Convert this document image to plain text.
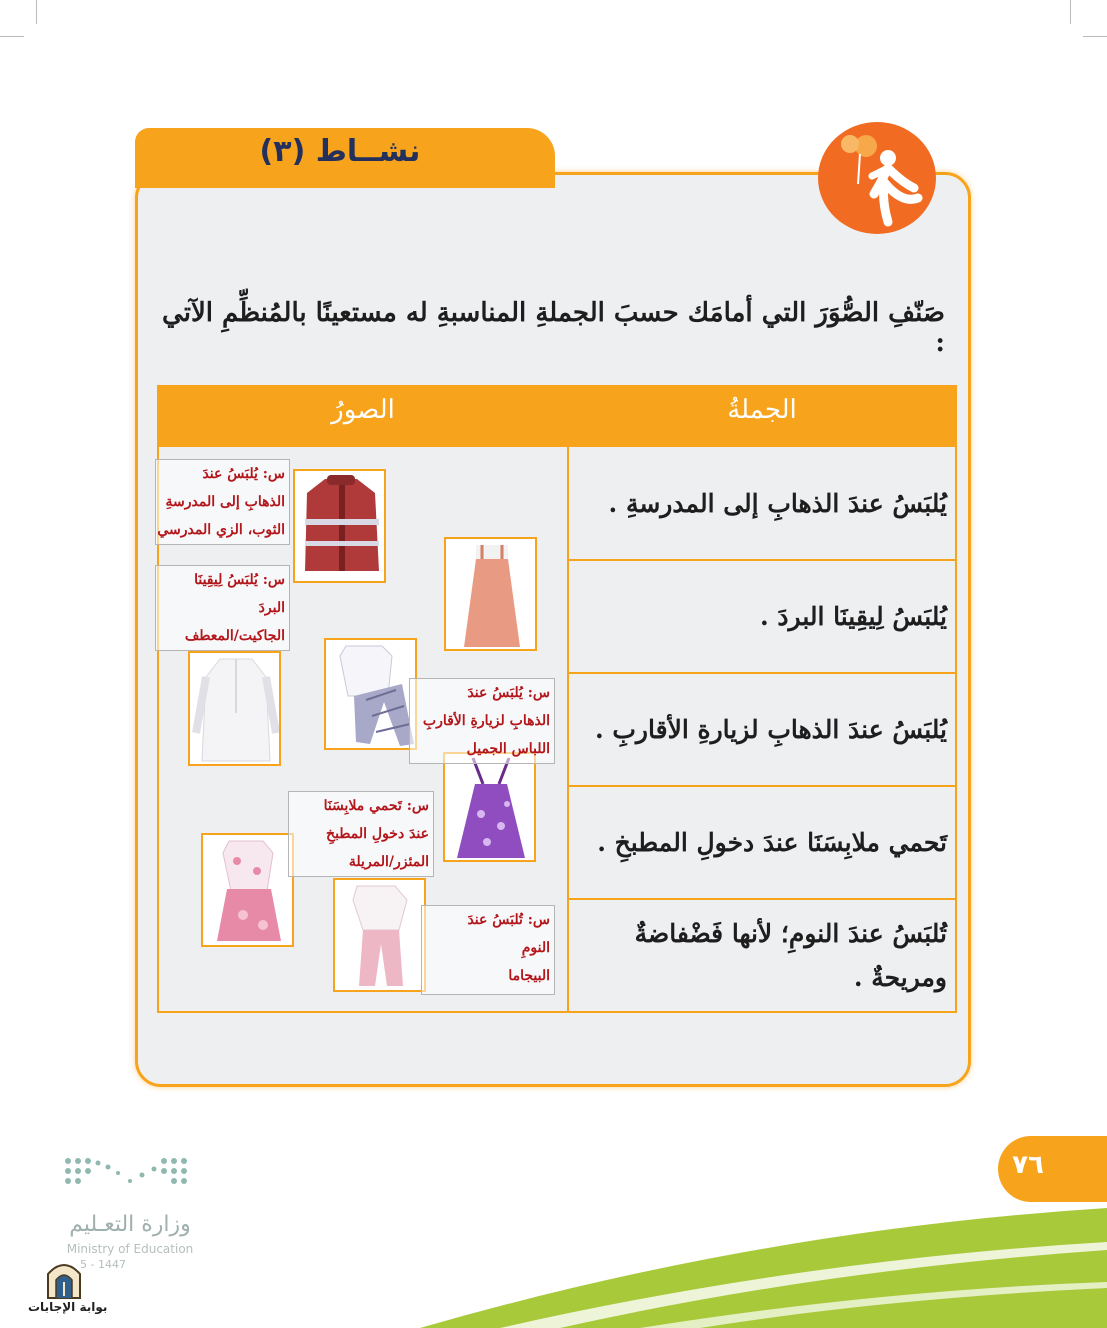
نشــاط (٣)
صَنّفِ الصُّوَرَ التي أمامَك حسبَ الجملةِ المناسبةِ له مستعينًا بالمُنظِّمِ الآتي :
الصورُ	الجملةُ
يُلبَسُ عندَ الذهابِ إلى المدرسةِ .
يُلبَسُ لِيقِينَا البردَ .
يُلبَسُ عندَ الذهابِ لزيارةِ الأقاربِ .
تَحمي ملابِسَنَا عندَ دخولِ المطبخِ .
تُلبَسُ عندَ النومِ؛ لأنها فَضْفاضةٌ ومريحةٌ .
س: يُلبَسُ عندَ
الذهابِ إلى المدرسةِ
الثوب، الزي المدرسي
س: يُلبَسُ لِيقِينَا
البردَ
الجاكيت/المعطف
س: يُلبَسُ عندَ
الذهابِ لزيارةِ الأقاربِ
اللباس الجميل
س: تَحمي ملابِسَنَا
عندَ دخولِ المطبخِ
المئزر/المريلة
س: تُلبَسُ عندَ
النومِ
البيجاما
٧٦
وزارة التعـليم
Ministry of Education
5 - 1447
بوابة الإجابات
